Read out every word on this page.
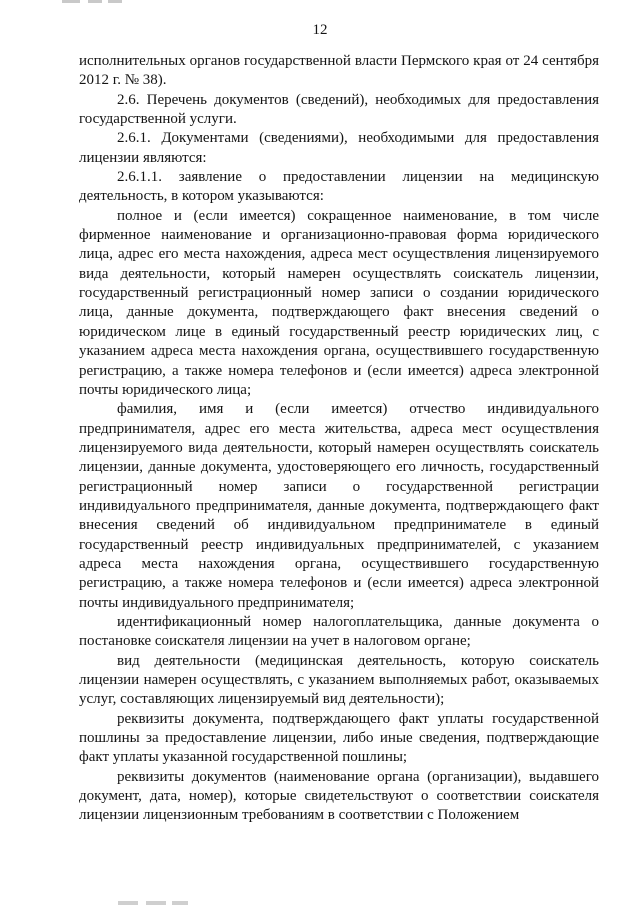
12

исполнительных органов государственной власти Пермского края от 24 сентября 2012 г. № 38).

2.6. Перечень документов (сведений), необходимых для предоставления государственной услуги.

2.6.1. Документами (сведениями), необходимыми для предоставления лицензии являются:

2.6.1.1. заявление о предоставлении лицензии на медицинскую деятельность, в котором указываются:

полное и (если имеется) сокращенное наименование, в том числе фирменное наименование и организационно-правовая форма юридического лица, адрес его места нахождения, адреса мест осуществления лицензируемого вида деятельности, который намерен осуществлять соискатель лицензии, государственный регистрационный номер записи о создании юридического лица, данные документа, подтверждающего факт внесения сведений о юридическом лице в единый государственный реестр юридических лиц, с указанием адреса места нахождения органа, осуществившего государственную регистрацию, а также номера телефонов и (если имеется) адреса электронной почты юридического лица;

фамилия, имя и (если имеется) отчество индивидуального предпринимателя, адрес его места жительства, адреса мест осуществления лицензируемого вида деятельности, который намерен осуществлять соискатель лицензии, данные документа, удостоверяющего его личность, государственный регистрационный номер записи о государственной регистрации индивидуального предпринимателя, данные документа, подтверждающего факт внесения сведений об индивидуальном предпринимателе в единый государственный реестр индивидуальных предпринимателей, с указанием адреса места нахождения органа, осуществившего государственную регистрацию, а также номера телефонов и (если имеется) адреса электронной почты индивидуального предпринимателя;

идентификационный номер налогоплательщика, данные документа о постановке соискателя лицензии на учет в налоговом органе;

вид деятельности (медицинская деятельность, которую соискатель лицензии намерен осуществлять, с указанием выполняемых работ, оказываемых услуг, составляющих лицензируемый вид деятельности);

реквизиты документа, подтверждающего факт уплаты государственной пошлины за предоставление лицензии, либо иные сведения, подтверждающие факт уплаты указанной государственной пошлины;

реквизиты документов (наименование органа (организации), выдавшего документ, дата, номер), которые свидетельствуют о соответствии соискателя лицензии лицензионным требованиям в соответствии с Положением
